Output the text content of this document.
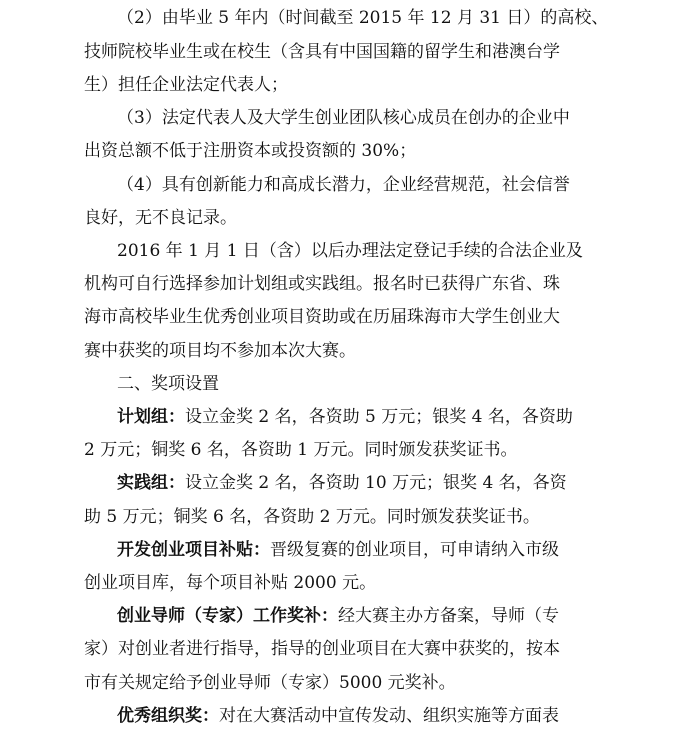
（2）由毕业 5 年内（时间截至 2015 年 12 月 31 日）的高校、
技师院校毕业生或在校生（含具有中国国籍的留学生和港澳台学
生）担任企业法定代表人；
（3）法定代表人及大学生创业团队核心成员在创办的企业中
出资总额不低于注册资本或投资额的 30%；
（4）具有创新能力和高成长潜力，企业经营规范，社会信誉
良好，无不良记录。
2016 年 1 月 1 日（含）以后办理法定登记手续的合法企业及
机构可自行选择参加计划组或实践组。报名时已获得广东省、珠
海市高校毕业生优秀创业项目资助或在历届珠海市大学生创业大
赛中获奖的项目均不参加本次大赛。
二、奖项设置
计划组：设立金奖 2 名，各资助 5 万元；银奖 4 名，各资助
2 万元；铜奖 6 名，各资助 1 万元。同时颁发获奖证书。
实践组：设立金奖 2 名，各资助 10 万元；银奖 4 名，各资
助 5 万元；铜奖 6 名，各资助 2 万元。同时颁发获奖证书。
开发创业项目补贴：晋级复赛的创业项目，可申请纳入市级
创业项目库，每个项目补贴 2000 元。
创业导师（专家）工作奖补：经大赛主办方备案，导师（专
家）对创业者进行指导，指导的创业项目在大赛中获奖的，按本
市有关规定给予创业导师（专家）5000 元奖补。
优秀组织奖：对在大赛活动中宣传发动、组织实施等方面表
